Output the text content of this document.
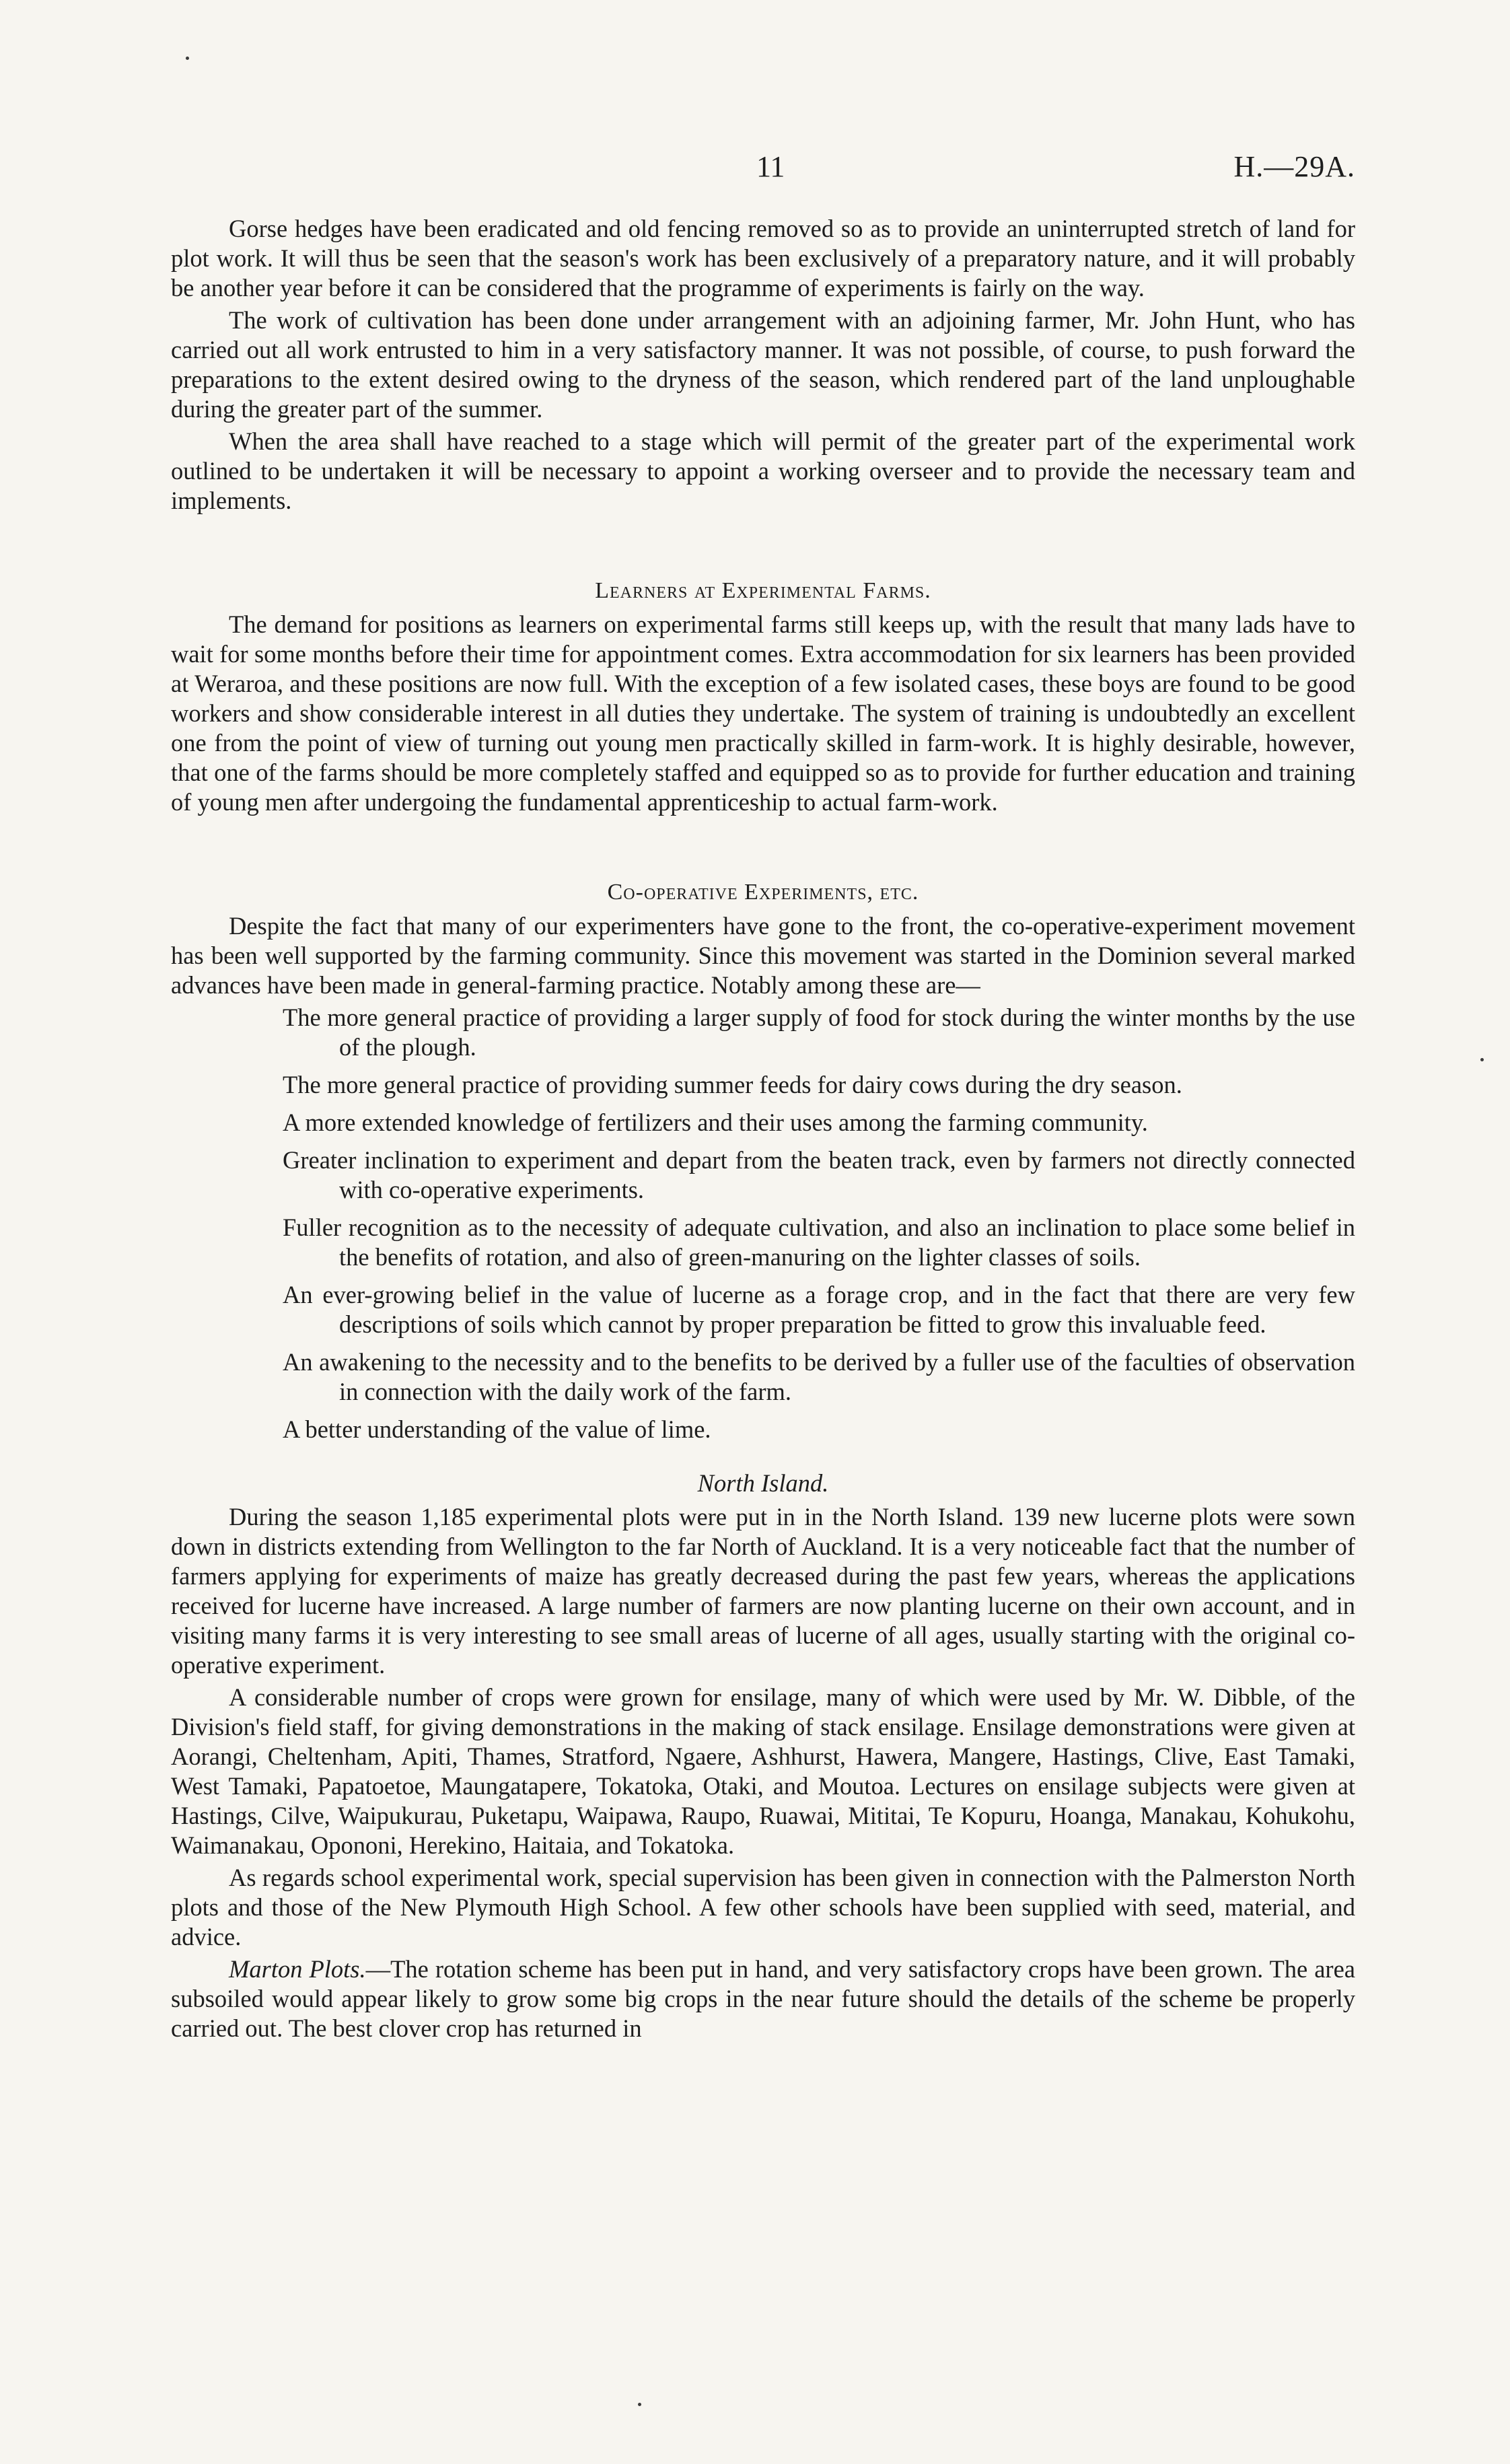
11	H.—29A.

Gorse hedges have been eradicated and old fencing removed so as to provide an uninterrupted stretch of land for plot work. It will thus be seen that the season's work has been exclusively of a preparatory nature, and it will probably be another year before it can be considered that the programme of experiments is fairly on the way.

The work of cultivation has been done under arrangement with an adjoining farmer, Mr. John Hunt, who has carried out all work entrusted to him in a very satisfactory manner. It was not possible, of course, to push forward the preparations to the extent desired owing to the dryness of the season, which rendered part of the land unploughable during the greater part of the summer.

When the area shall have reached to a stage which will permit of the greater part of the experimental work outlined to be undertaken it will be necessary to appoint a working overseer and to provide the necessary team and implements.

Learners at Experimental Farms.

The demand for positions as learners on experimental farms still keeps up, with the result that many lads have to wait for some months before their time for appointment comes. Extra accommodation for six learners has been provided at Weraroa, and these positions are now full. With the exception of a few isolated cases, these boys are found to be good workers and show considerable interest in all duties they undertake. The system of training is undoubtedly an excellent one from the point of view of turning out young men practically skilled in farm-work. It is highly desirable, however, that one of the farms should be more completely staffed and equipped so as to provide for further education and training of young men after undergoing the fundamental apprenticeship to actual farm-work.

Co-operative Experiments, etc.

Despite the fact that many of our experimenters have gone to the front, the co-operative-experiment movement has been well supported by the farming community. Since this movement was started in the Dominion several marked advances have been made in general-farming practice. Notably among these are—

The more general practice of providing a larger supply of food for stock during the winter months by the use of the plough.
The more general practice of providing summer feeds for dairy cows during the dry season.
A more extended knowledge of fertilizers and their uses among the farming community.
Greater inclination to experiment and depart from the beaten track, even by farmers not directly connected with co-operative experiments.
Fuller recognition as to the necessity of adequate cultivation, and also an inclination to place some belief in the benefits of rotation, and also of green-manuring on the lighter classes of soils.
An ever-growing belief in the value of lucerne as a forage crop, and in the fact that there are very few descriptions of soils which cannot by proper preparation be fitted to grow this invaluable feed.
An awakening to the necessity and to the benefits to be derived by a fuller use of the faculties of observation in connection with the daily work of the farm.
A better understanding of the value of lime.
North Island.

During the season 1,185 experimental plots were put in in the North Island. 139 new lucerne plots were sown down in districts extending from Wellington to the far North of Auckland. It is a very noticeable fact that the number of farmers applying for experiments of maize has greatly decreased during the past few years, whereas the applications received for lucerne have increased. A large number of farmers are now planting lucerne on their own account, and in visiting many farms it is very interesting to see small areas of lucerne of all ages, usually starting with the original co-operative experiment.

A considerable number of crops were grown for ensilage, many of which were used by Mr. W. Dibble, of the Division's field staff, for giving demonstrations in the making of stack ensilage. Ensilage demonstrations were given at Aorangi, Cheltenham, Apiti, Thames, Stratford, Ngaere, Ashhurst, Hawera, Mangere, Hastings, Clive, East Tamaki, West Tamaki, Papatoetoe, Maungatapere, Tokatoka, Otaki, and Moutoa. Lectures on ensilage subjects were given at Hastings, Cilve, Waipukurau, Puketapu, Waipawa, Raupo, Ruawai, Mititai, Te Kopuru, Hoanga, Manakau, Kohukohu, Waimanakau, Opononi, Herekino, Haitaia, and Tokatoka.

As regards school experimental work, special supervision has been given in connection with the Palmerston North plots and those of the New Plymouth High School. A few other schools have been supplied with seed, material, and advice.

Marton Plots.—The rotation scheme has been put in hand, and very satisfactory crops have been grown. The area subsoiled would appear likely to grow some big crops in the near future should the details of the scheme be properly carried out. The best clover crop has returned in
